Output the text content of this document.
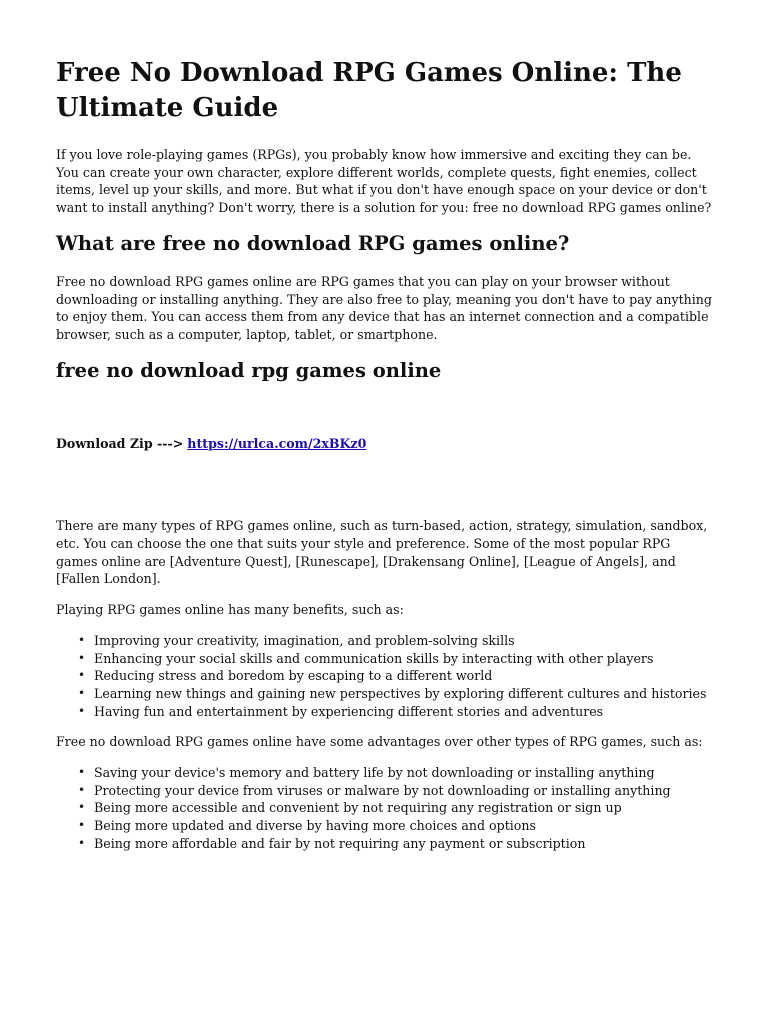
Free No Download RPG Games Online: The Ultimate Guide

If you love role-playing games (RPGs), you probably know how immersive and exciting they can be. You can create your own character, explore different worlds, complete quests, fight enemies, collect items, level up your skills, and more. But what if you don't have enough space on your device or don't want to install anything? Don't worry, there is a solution for you: free no download RPG games online?

What are free no download RPG games online?

Free no download RPG games online are RPG games that you can play on your browser without downloading or installing anything. They are also free to play, meaning you don't have to pay anything to enjoy them. You can access them from any device that has an internet connection and a compatible browser, such as a computer, laptop, tablet, or smartphone.

free no download rpg games online
Download Zip ---> https://urlca.com/2xBKz0

There are many types of RPG games online, such as turn-based, action, strategy, simulation, sandbox, etc. You can choose the one that suits your style and preference. Some of the most popular RPG games online are [Adventure Quest], [Runescape], [Drakensang Online], [League of Angels], and [Fallen London].

Playing RPG games online has many benefits, such as:

• Improving your creativity, imagination, and problem-solving skills
• Enhancing your social skills and communication skills by interacting with other players
• Reducing stress and boredom by escaping to a different world
• Learning new things and gaining new perspectives by exploring different cultures and histories
• Having fun and entertainment by experiencing different stories and adventures

Free no download RPG games online have some advantages over other types of RPG games, such as:

• Saving your device's memory and battery life by not downloading or installing anything
• Protecting your device from viruses or malware by not downloading or installing anything
• Being more accessible and convenient by not requiring any registration or sign up
• Being more updated and diverse by having more choices and options
• Being more affordable and fair by not requiring any payment or subscription
